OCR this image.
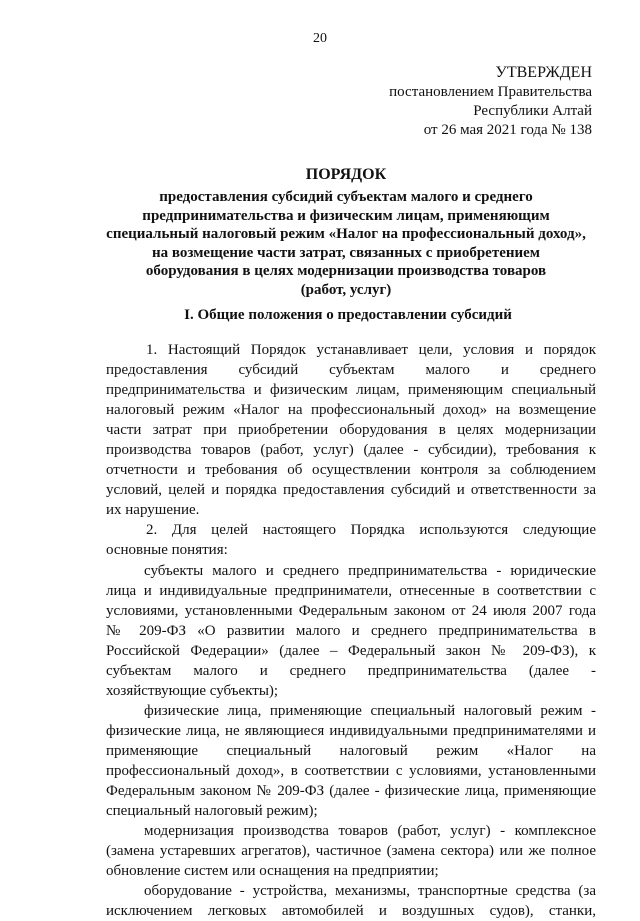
20
УТВЕРЖДЕН
постановлением Правительства
Республики Алтай
от 26 мая 2021 года № 138
ПОРЯДОК
предоставления субсидий субъектам малого и среднего
предпринимательства и физическим лицам, применяющим
специальный налоговый режим «Налог на профессиональный доход»,
на возмещение части затрат, связанных с приобретением
оборудования в целях модернизации производства товаров
(работ, услуг)
I. Общие положения о предоставлении субсидий
1. Настоящий Порядок устанавливает цели, условия и порядок
предоставления субсидий субъектам малого и среднего
предпринимательства и физическим лицам, применяющим специальный
налоговый режим «Налог на профессиональный доход» на возмещение
части затрат при приобретении оборудования в целях модернизации
производства товаров (работ, услуг) (далее - субсидии), требования к
отчетности и требования об осуществлении контроля за соблюдением
условий, целей и порядка предоставления субсидий и ответственности за
их нарушение.
2. Для целей настоящего Порядка используются следующие
основные понятия:
субъекты малого и среднего предпринимательства - юридические
лица и индивидуальные предприниматели, отнесенные в соответствии с
условиями, установленными Федеральным законом от 24 июля 2007 года
№ 209-ФЗ «О развитии малого и среднего предпринимательства в
Российской Федерации» (далее – Федеральный закон № 209-ФЗ), к
субъектам малого и среднего предпринимательства (далее -
хозяйствующие субъекты);
физические лица, применяющие специальный налоговый режим -
физические лица, не являющиеся индивидуальными предпринимателями и
применяющие специальный налоговый режим «Налог на
профессиональный доход», в соответствии с условиями, установленными
Федеральным законом № 209-ФЗ (далее - физические лица, применяющие
специальный налоговый режим);
модернизация производства товаров (работ, услуг) - комплексное
(замена устаревших агрегатов), частичное (замена сектора) или же полное
обновление систем или оснащения на предприятии;
оборудование - устройства, механизмы, транспортные средства (за
исключением легковых автомобилей и воздушных судов), станки,
